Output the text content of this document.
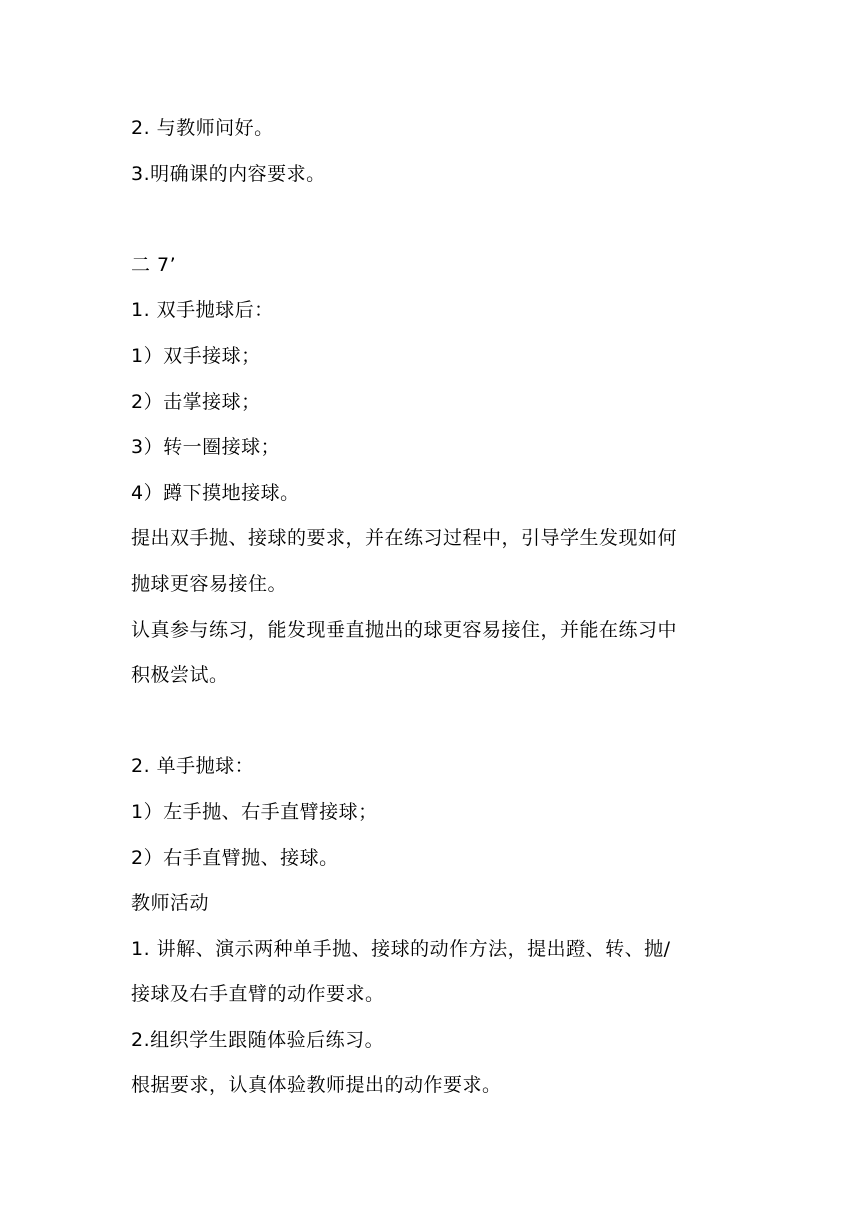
2. 与教师问好。
3.明确课的内容要求。
二 7’
1. 双手抛球后：
1）双手接球；
2）击掌接球；
3）转一圈接球；
4）蹲下摸地接球。
提出双手抛、接球的要求，并在练习过程中，引导学生发现如何
抛球更容易接住。
认真参与练习，能发现垂直抛出的球更容易接住，并能在练习中
积极尝试。
2. 单手抛球：
1）左手抛、右手直臂接球；
2）右手直臂抛、接球。
教师活动
1. 讲解、演示两种单手抛、接球的动作方法，提出蹬、转、抛/
接球及右手直臂的动作要求。
2.组织学生跟随体验后练习。
根据要求，认真体验教师提出的动作要求。
